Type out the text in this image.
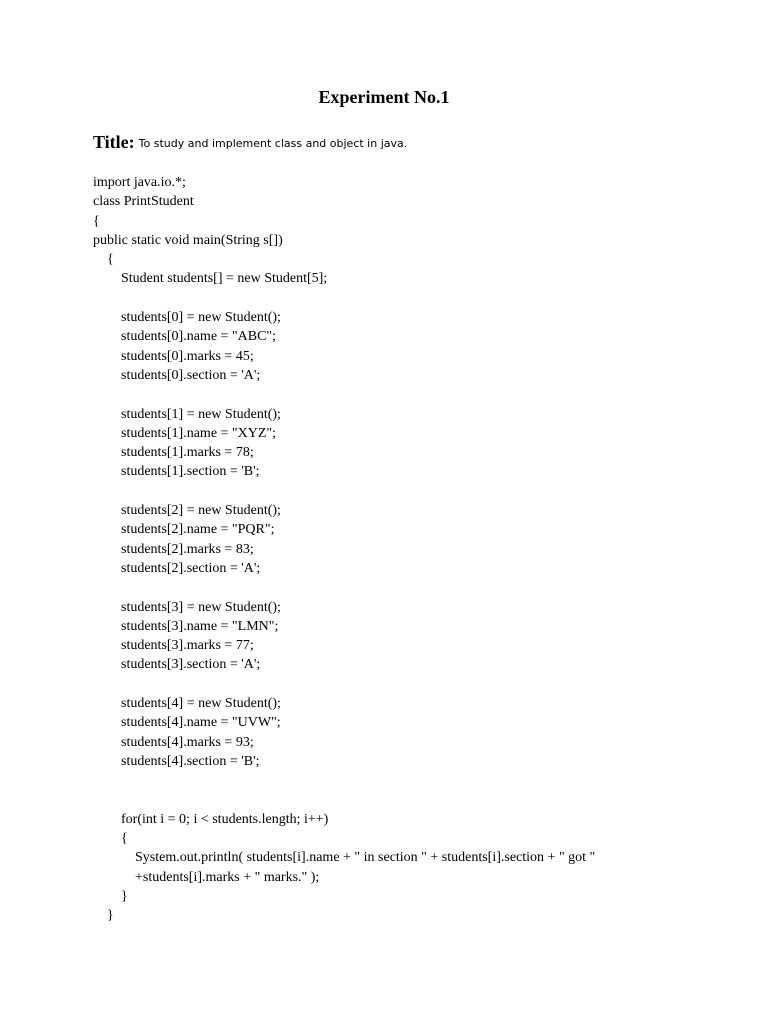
Experiment No.1

Title: To study and implement class and object in java.

import java.io.*;
class PrintStudent
{
public static void main(String s[])
{
Student students[] = new Student[5];
students[0] = new Student();
students[0].name = "ABC";
students[0].marks = 45;
students[0].section = 'A';
students[1] = new Student();
students[1].name = "XYZ";
students[1].marks = 78;
students[1].section = 'B';
students[2] = new Student();
students[2].name = "PQR";
students[2].marks = 83;
students[2].section = 'A';
students[3] = new Student();
students[3].name = "LMN";
students[3].marks = 77;
students[3].section = 'A';
students[4] = new Student();
students[4].name = "UVW";
students[4].marks = 93;
students[4].section = 'B';
for(int i = 0; i < students.length; i++)
{
System.out.println( students[i].name + " in section " + students[i].section + " got "
+students[i].marks + " marks." );
}
}
